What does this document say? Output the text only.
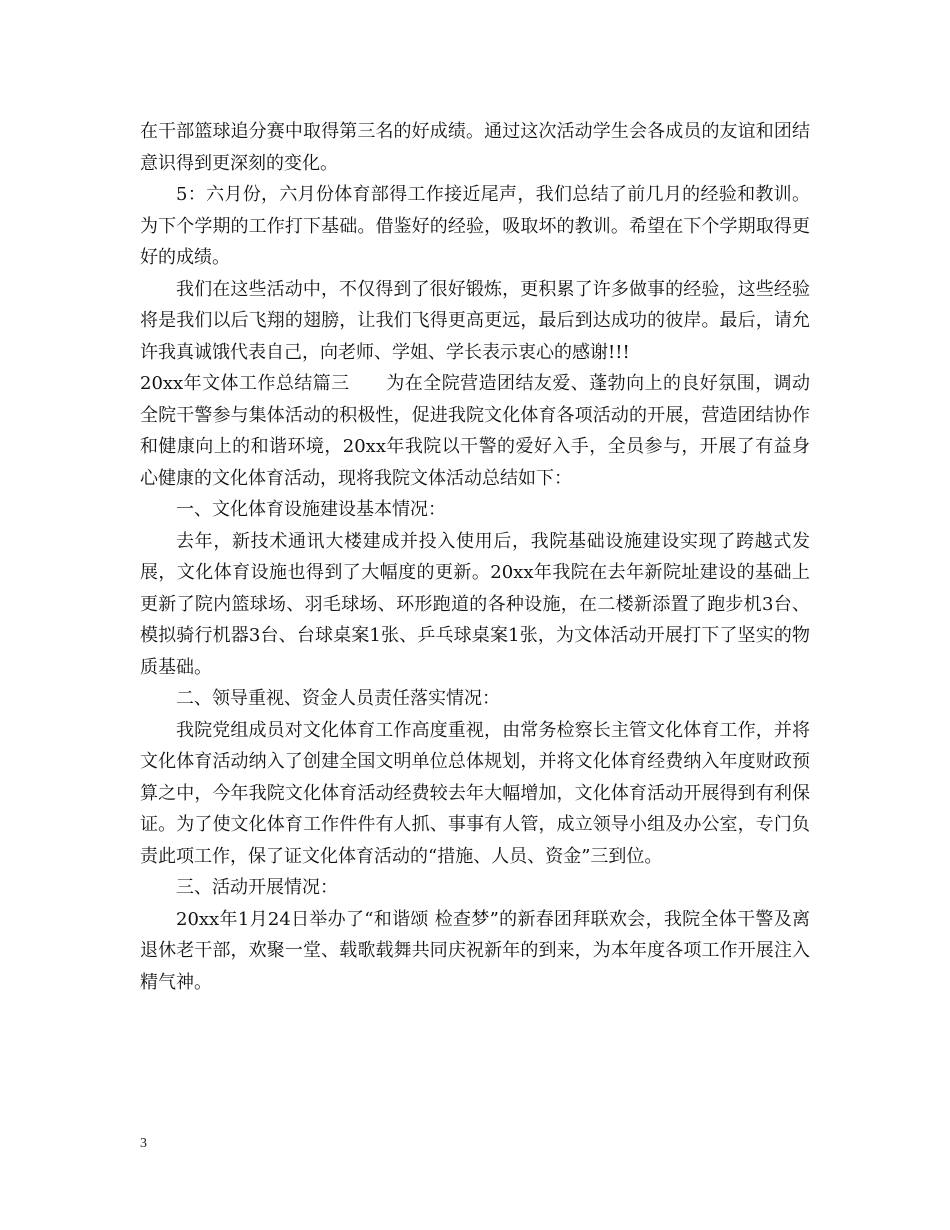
在干部篮球追分赛中取得第三名的好成绩。通过这次活动学生会各成员的友谊和团结意识得到更深刻的变化。

5：六月份，六月份体育部得工作接近尾声，我们总结了前几月的经验和教训。为下个学期的工作打下基础。借鉴好的经验，吸取坏的教训。希望在下个学期取得更好的成绩。

我们在这些活动中，不仅得到了很好锻炼，更积累了许多做事的经验，这些经验将是我们以后飞翔的翅膀，让我们飞得更高更远，最后到达成功的彼岸。最后，请允许我真诚饿代表自己，向老师、学姐、学长表示衷心的感谢!!!

20xx年文体工作总结篇三　　为在全院营造团结友爱、蓬勃向上的良好氛围，调动全院干警参与集体活动的积极性，促进我院文化体育各项活动的开展，营造团结协作和健康向上的和谐环境，20xx年我院以干警的爱好入手，全员参与，开展了有益身心健康的文化体育活动，现将我院文体活动总结如下：

一、文化体育设施建设基本情况：

去年，新技术通讯大楼建成并投入使用后，我院基础设施建设实现了跨越式发展，文化体育设施也得到了大幅度的更新。20xx年我院在去年新院址建设的基础上更新了院内篮球场、羽毛球场、环形跑道的各种设施，在二楼新添置了跑步机3台、模拟骑行机器3台、台球桌案1张、乒乓球桌案1张，为文体活动开展打下了坚实的物质基础。

二、领导重视、资金人员责任落实情况：

我院党组成员对文化体育工作高度重视，由常务检察长主管文化体育工作，并将文化体育活动纳入了创建全国文明单位总体规划，并将文化体育经费纳入年度财政预算之中，今年我院文化体育活动经费较去年大幅增加，文化体育活动开展得到有利保证。为了使文化体育工作件件有人抓、事事有人管，成立领导小组及办公室，专门负责此项工作，保了证文化体育活动的“措施、人员、资金”三到位。

三、活动开展情况：

20xx年1月24日举办了“和谐颂 检查梦”的新春团拜联欢会，我院全体干警及离退休老干部，欢聚一堂、载歌载舞共同庆祝新年的到来，为本年度各项工作开展注入精气神。

3
